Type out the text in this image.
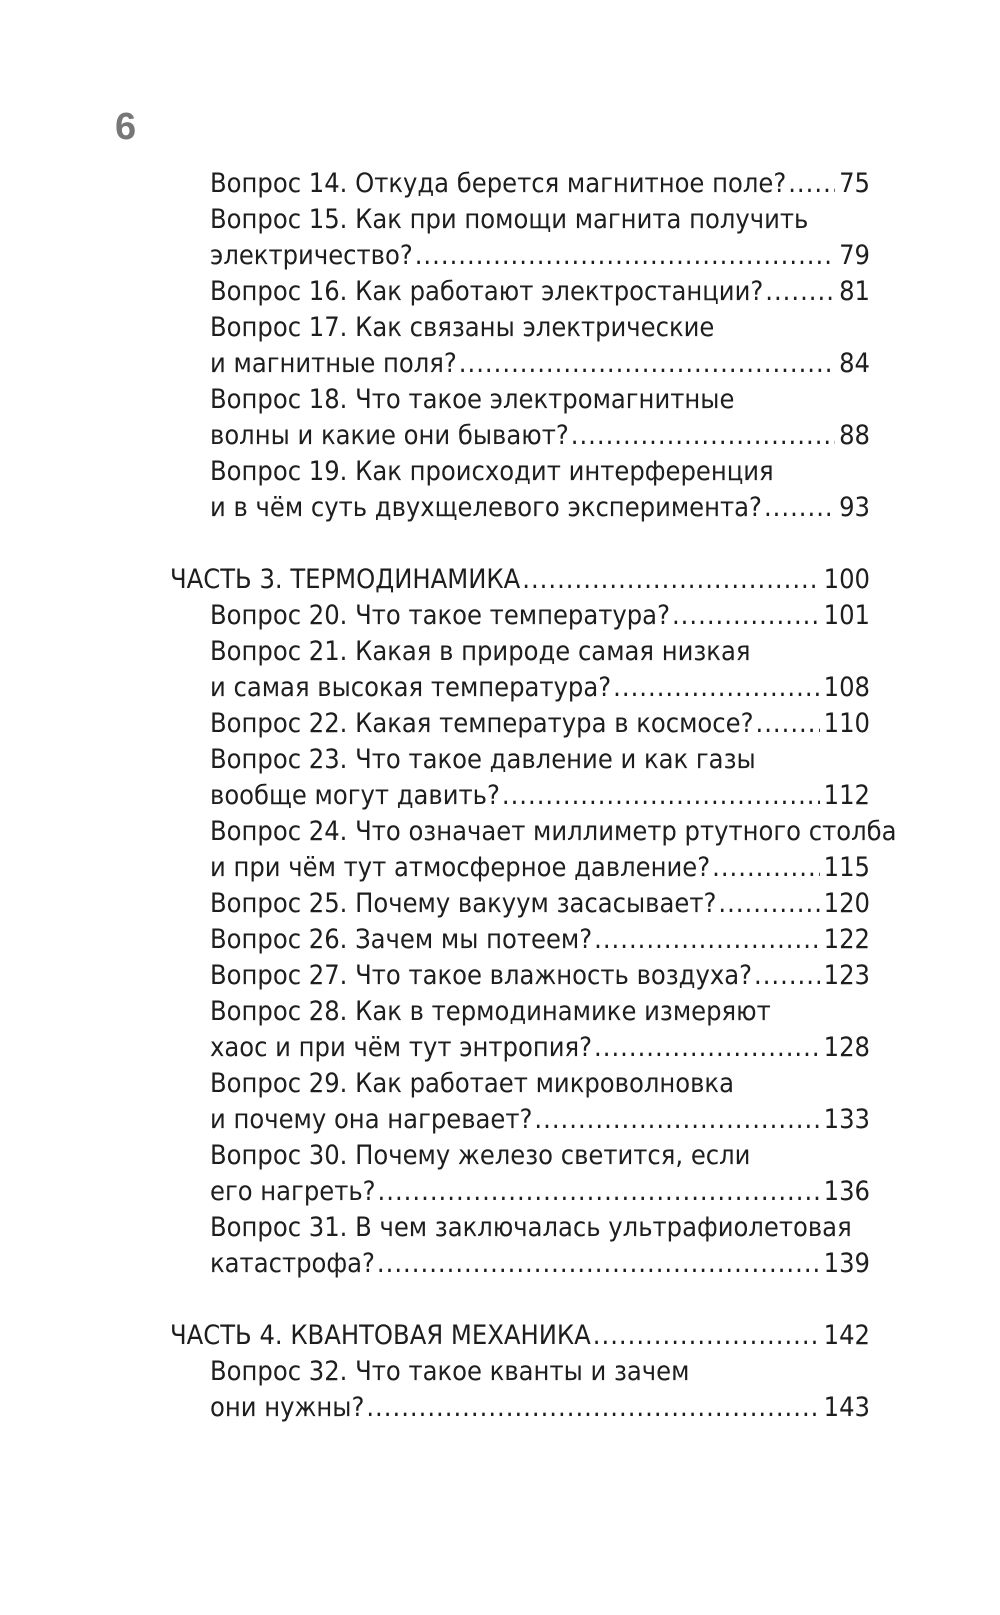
6
Вопрос 14. Откуда берется магнитное поле? ..... 75
Вопрос 15. Как при помощи магнита получить
электричество? .....	79
Вопрос 16. Как работают электростанции? .....	81
Вопрос 17. Как связаны электрические
и магнитные поля? .....	84
Вопрос 18. Что такое электромагнитные
волны и какие они бывают? .....	88
Вопрос 19. Как происходит интерференция
и в чём суть двухщелевого эксперимента? .....	93
ЧАСТЬ 3. ТЕРМОДИНАМИКА .....	100
Вопрос 20. Что такое температура? .....	101
Вопрос 21. Какая в природе самая низкая
и самая высокая температура? .....	108
Вопрос 22. Какая температура в космосе? .....	110
Вопрос 23. Что такое давление и как газы
вообще могут давить? .....	112
Вопрос 24. Что означает миллиметр ртутного столба
и при чём тут атмосферное давление? .....	115
Вопрос 25. Почему вакуум засасывает? .....	120
Вопрос 26. Зачем мы потеем? .....	122
Вопрос 27. Что такое влажность воздуха? .....	123
Вопрос 28. Как в термодинамике измеряют
хаос и при чём тут энтропия? .....	128
Вопрос 29. Как работает микроволновка
и почему она нагревает? .....	133
Вопрос 30. Почему железо светится, если
его нагреть? .....	136
Вопрос 31. В чем заключалась ультрафиолетовая
катастрофа? .....	139
ЧАСТЬ 4. КВАНТОВАЯ МЕХАНИКА .....	142
Вопрос 32. Что такое кванты и зачем
они нужны? .....	143
